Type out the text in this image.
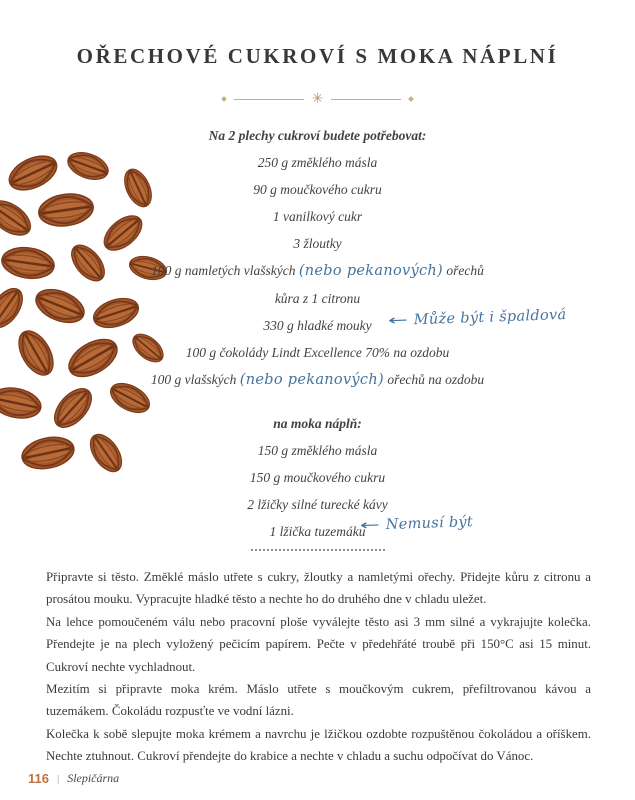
OŘECHOVÉ CUKROVÍ S MOKA NÁPLNÍ
✳
Na 2 plechy cukroví budete potřebovat:
250 g změklého másla
90 g moučkového cukru
1 vanilkový cukr
3 žloutky
100 g namletých vlašských (nebo pekanových) ořechů
kůra z 1 citronu
330 g hladké mouky ← Může být i špaldová
100 g čokolády Lindt Excellence 70% na ozdobu
100 g vlašských (nebo pekanových) ořechů na ozdobu
na moka náplň:
150 g změklého másla
150 g moučkového cukru
2 lžičky silné turecké kávy
1 lžička tuzemáku
← Nemusí být

Připravte si těsto. Změklé máslo utřete s cukry, žloutky a namletými ořechy. Přidejte kůru z citronu a prosátou mouku. Vypracujte hladké těsto a nechte ho do druhého dne v chladu uležet.

Na lehce pomoučeném válu nebo pracovní ploše vyválejte těsto asi 3 mm silné a vykrajujte kolečka. Přendejte je na plech vyložený pečicím papírem. Pečte v předehřáté troubě při 150°C asi 15 minut. Cukroví nechte vychladnout.

Mezitím si připravte moka krém. Máslo utřete s moučkovým cukrem, přefiltrovanou kávou a tuzemákem. Čokoládu rozpusťte ve vodní lázni.

Kolečka k sobě slepujte moka krémem a navrchu je lžičkou ozdobte rozpuštěnou čokoládou a oříškem. Nechte ztuhnout. Cukroví přendejte do krabice a nechte v chladu a suchu odpočívat do Vánoc.

116 | Slepičárna
